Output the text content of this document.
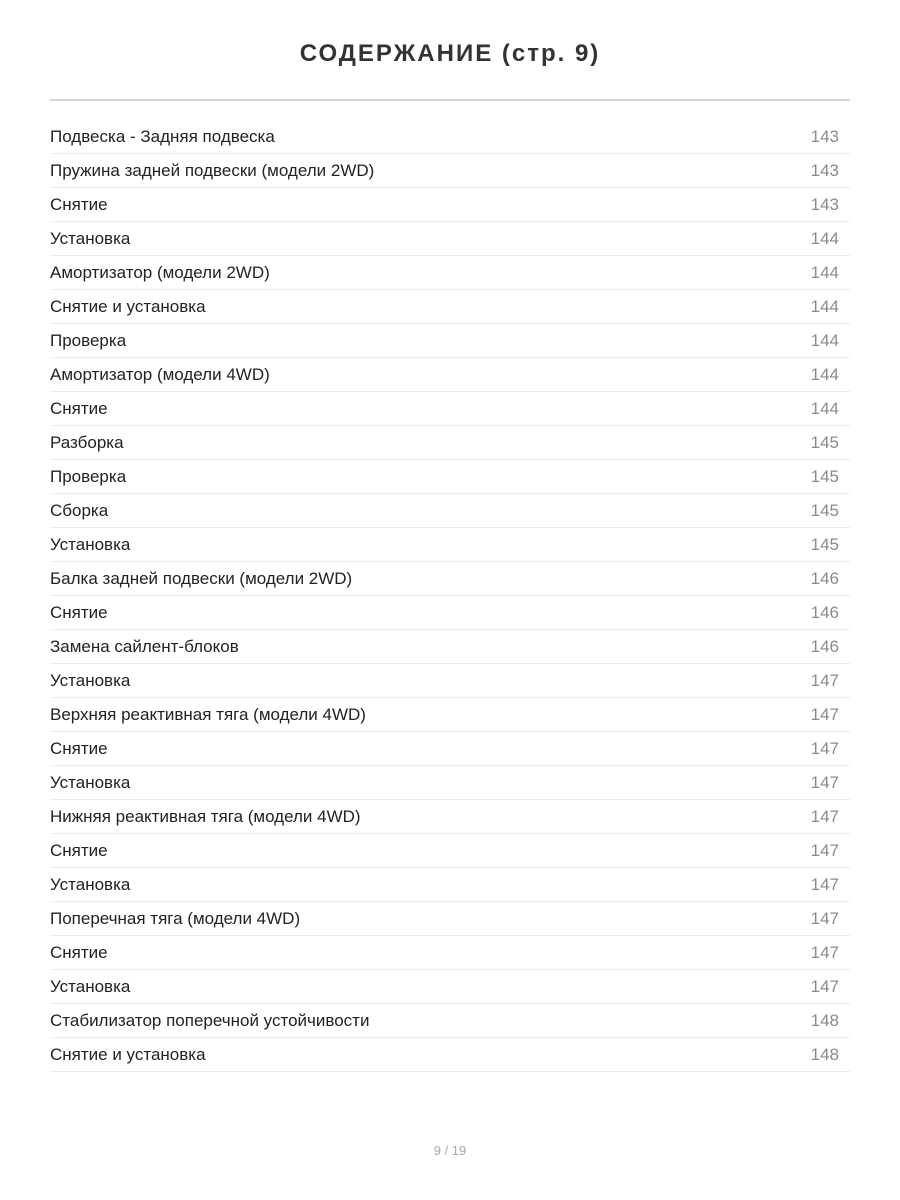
СОДЕРЖАНИЕ (стр. 9)
Подвеска - Задняя подвеска	143
Пружина задней подвески (модели 2WD)	143
Снятие	143
Установка	144
Амортизатор (модели 2WD)	144
Снятие и установка	144
Проверка	144
Амортизатор (модели 4WD)	144
Снятие	144
Разборка	145
Проверка	145
Сборка	145
Установка	145
Балка задней подвески (модели 2WD)	146
Снятие	146
Замена сайлент-блоков	146
Установка	147
Верхняя реактивная тяга (модели 4WD)	147
Снятие	147
Установка	147
Нижняя реактивная тяга (модели 4WD)	147
Снятие	147
Установка	147
Поперечная тяга (модели 4WD)	147
Снятие	147
Установка	147
Стабилизатор поперечной устойчивости	148
Снятие и установка	148
9 / 19
